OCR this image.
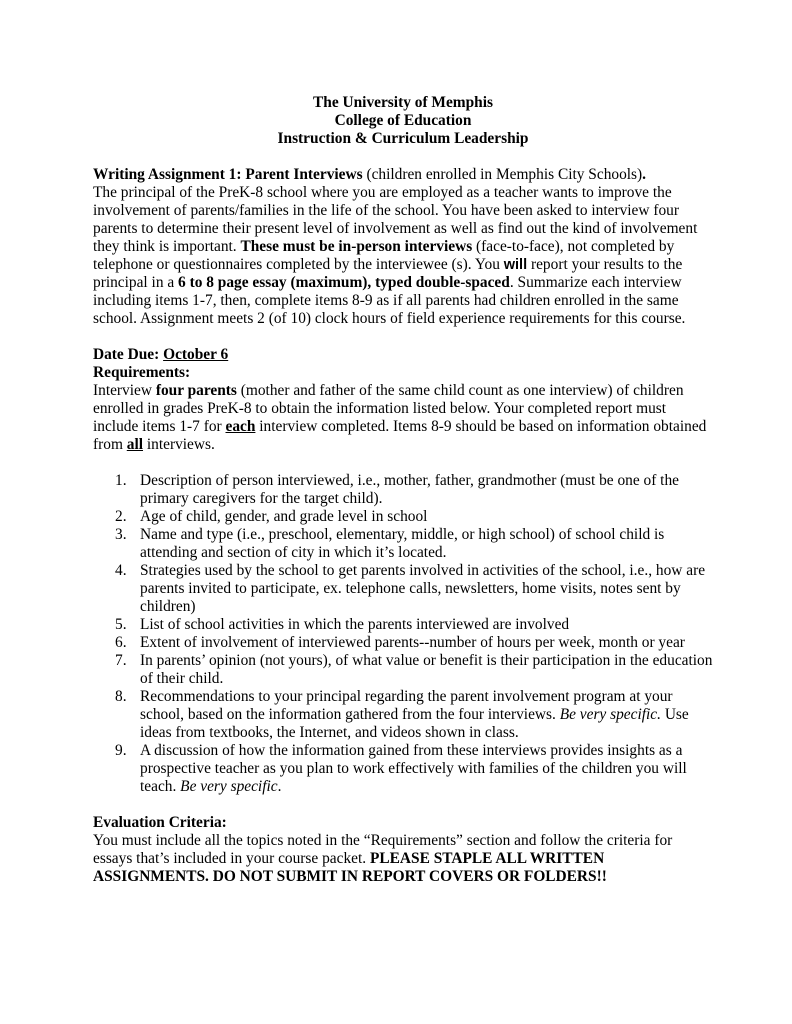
The University of Memphis
College of Education
Instruction & Curriculum Leadership

Writing Assignment 1: Parent Interviews (children enrolled in Memphis City Schools).
The principal of the PreK-8 school where you are employed as a teacher wants to improve the involvement of parents/families in the life of the school. You have been asked to interview four parents to determine their present level of involvement as well as find out the kind of involvement they think is important. These must be in-person interviews (face-to-face), not completed by telephone or questionnaires completed by the interviewee (s). You will report your results to the principal in a 6 to 8 page essay (maximum), typed double-spaced. Summarize each interview including items 1-7, then, complete items 8-9 as if all parents had children enrolled in the same school. Assignment meets 2 (of 10) clock hours of field experience requirements for this course.

Date Due: October 6

Requirements:

Interview four parents (mother and father of the same child count as one interview) of children enrolled in grades PreK-8 to obtain the information listed below. Your completed report must include items 1-7 for each interview completed. Items 8-9 should be based on information obtained from all interviews.

1. Description of person interviewed, i.e., mother, father, grandmother (must be one of the primary caregivers for the target child).
2. Age of child, gender, and grade level in school
3. Name and type (i.e., preschool, elementary, middle, or high school) of school child is attending and section of city in which it’s located.
4. Strategies used by the school to get parents involved in activities of the school, i.e., how are parents invited to participate, ex. telephone calls, newsletters, home visits, notes sent by children)
5. List of school activities in which the parents interviewed are involved
6. Extent of involvement of interviewed parents--number of hours per week, month or year
7. In parents’ opinion (not yours), of what value or benefit is their participation in the education of their child.
8. Recommendations to your principal regarding the parent involvement program at your school, based on the information gathered from the four interviews. Be very specific. Use ideas from textbooks, the Internet, and videos shown in class.
9. A discussion of how the information gained from these interviews provides insights as a prospective teacher as you plan to work effectively with families of the children you will teach. Be very specific.

Evaluation Criteria:

You must include all the topics noted in the “Requirements” section and follow the criteria for essays that’s included in your course packet. PLEASE STAPLE ALL WRITTEN ASSIGNMENTS. DO NOT SUBMIT IN REPORT COVERS OR FOLDERS!!
